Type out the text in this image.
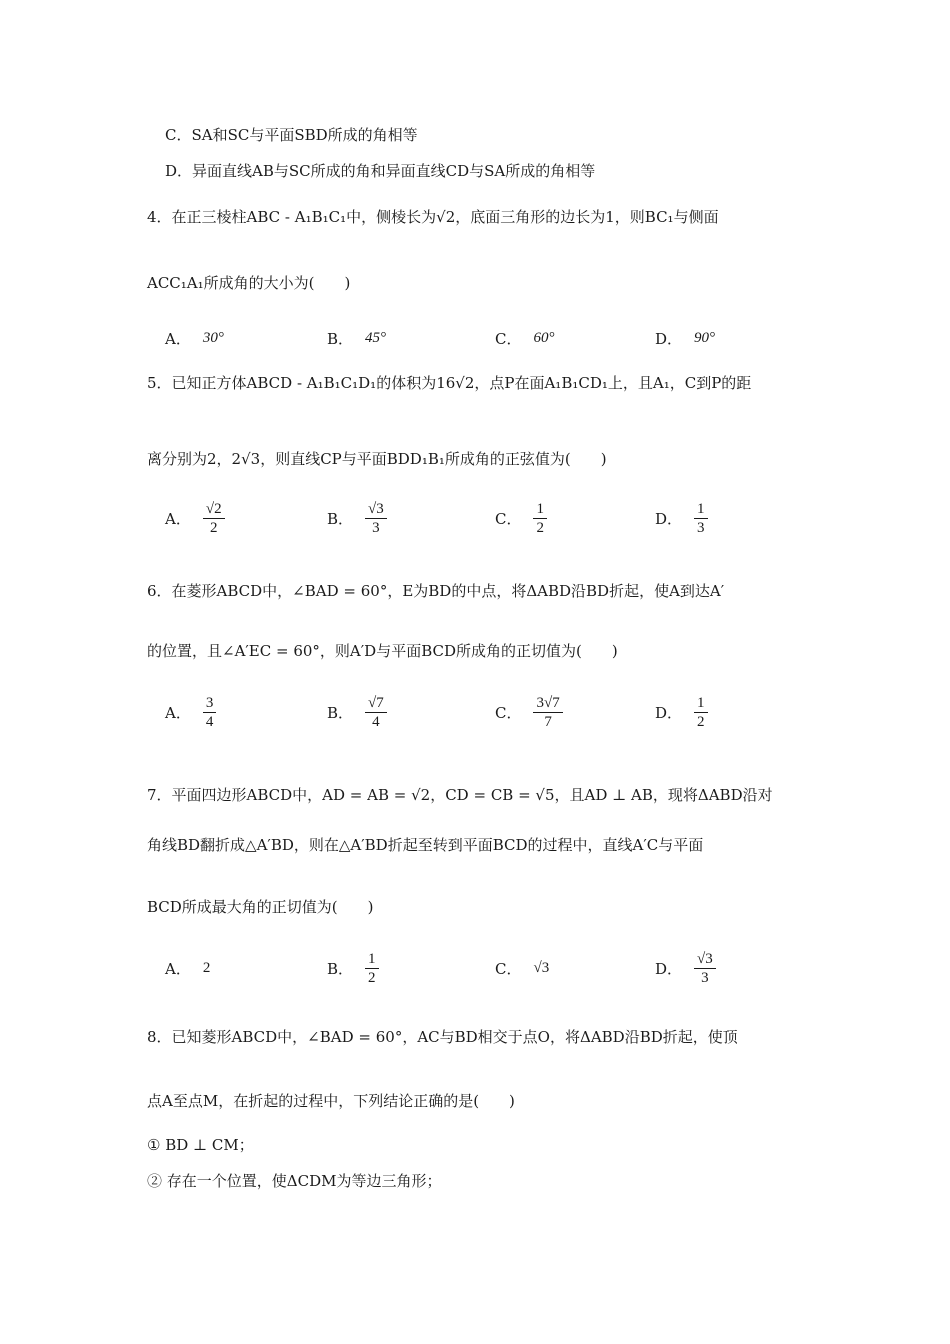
C．SA和SC与平面SBD所成的角相等
D．异面直线AB与SC所成的角和异面直线CD与SA所成的角相等
4．在正三棱柱ABC - A₁B₁C₁中，侧棱长为√2，底面三角形的边长为1，则BC₁与侧面
ACC₁A₁所成角的大小为(　　)
A． 30°	B． 45°	C． 60°	D． 90°
5．已知正方体ABCD - A₁B₁C₁D₁的体积为16√2，点P在面A₁B₁CD₁上，且A₁，C到P的距
离分别为2，2√3，则直线CP与平面BDD₁B₁所成角的正弦值为(　　)
A． $\frac{√2}{2}$	B． $\frac{√3}{3}$	C． $\frac{1}{2}$	D． $\frac{1}{3}$
6．在菱形ABCD中，∠BAD = 60°，E为BD的中点，将ΔABD沿BD折起，使A到达A′
的位置，且∠A′EC = 60°，则A′D与平面BCD所成角的正切值为(　　)
A． $\frac{3}{4}$	B． $\frac{√7}{4}$	C． $\frac{3√7}{7}$	D． $\frac{1}{2}$
7．平面四边形ABCD中，AD = AB = √2，CD = CB = √5，且AD ⊥ AB，现将ΔABD沿对
角线BD翻折成△A′BD，则在△A′BD折起至转到平面BCD的过程中，直线A′C与平面
BCD所成最大角的正切值为(　　)
A． 2	B． $\frac{1}{2}$	C． √3	D． $\frac{√3}{3}$
8．已知菱形ABCD中，∠BAD = 60°，AC与BD相交于点O，将ΔABD沿BD折起，使顶
点A至点M，在折起的过程中，下列结论正确的是(　　)
① BD ⊥ CM；
② 存在一个位置，使ΔCDM为等边三角形；
